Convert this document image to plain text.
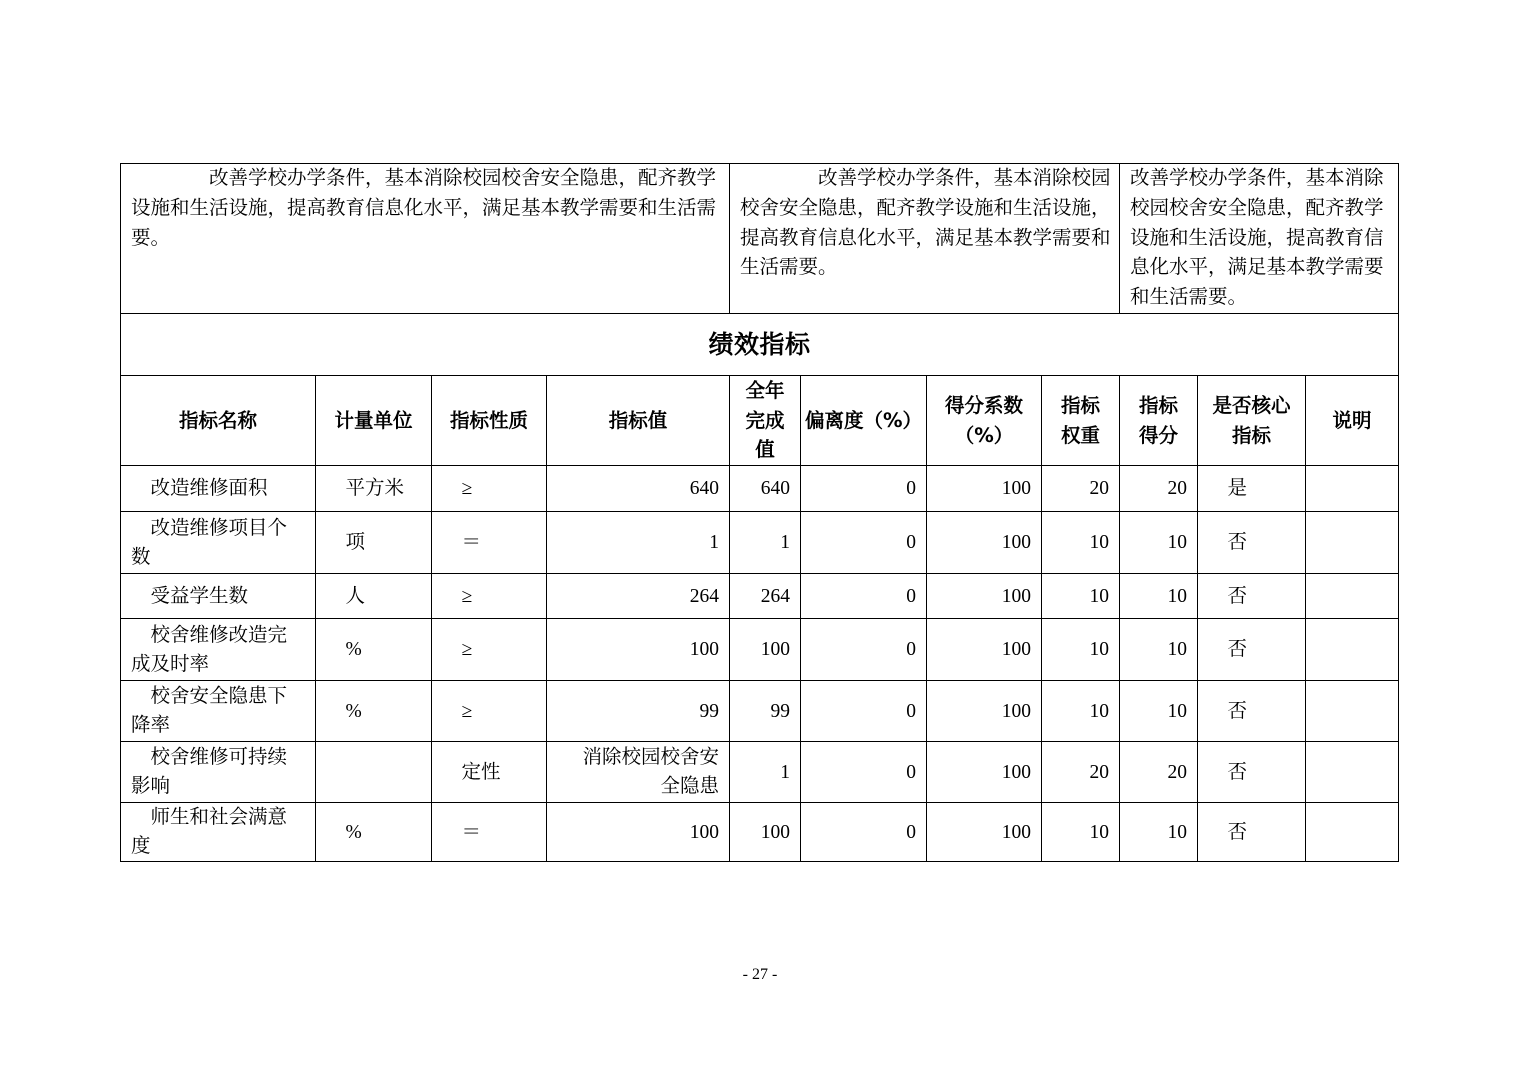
改善学校办学条件，基本消除校园校舍安全隐患，配齐教学设施和生活设施，提高教育信息化水平，满足基本教学需要和生活需要。				改善学校办学条件，基本消除校园校舍安全隐患，配齐教学设施和生活设施，提高教育信息化水平，满足基本教学需要和生活需要。				改善学校办学条件，基本消除校园校舍安全隐患，配齐教学设施和生活设施，提高教育信息化水平，满足基本教学需要和生活需要。		

绩效指标										
指标名称	计量单位	指标性质	指标值	全年完成值	偏离度（%）	得分系数（%）	指标权重	指标得分	是否核心指标	说明

改造维修面积	平方米	≥	640	640	0	100	20	20	是	

改造维修项目个数	项	＝	1	1	0	100	10	10	否	

受益学生数	人	≥	264	264	0	100	10	10	否	

校舍维修改造完成及时率	%	≥	100	100	0	100	10	10	否	

校舍安全隐患下降率	%	≥	99	99	0	100	10	10	否	

校舍维修可持续影响		定性	消除校园校舍安全隐患	1	0	100	20	20	否	

师生和社会满意度	%	＝	100	100	0	100	10	10	否	
- 27 -
